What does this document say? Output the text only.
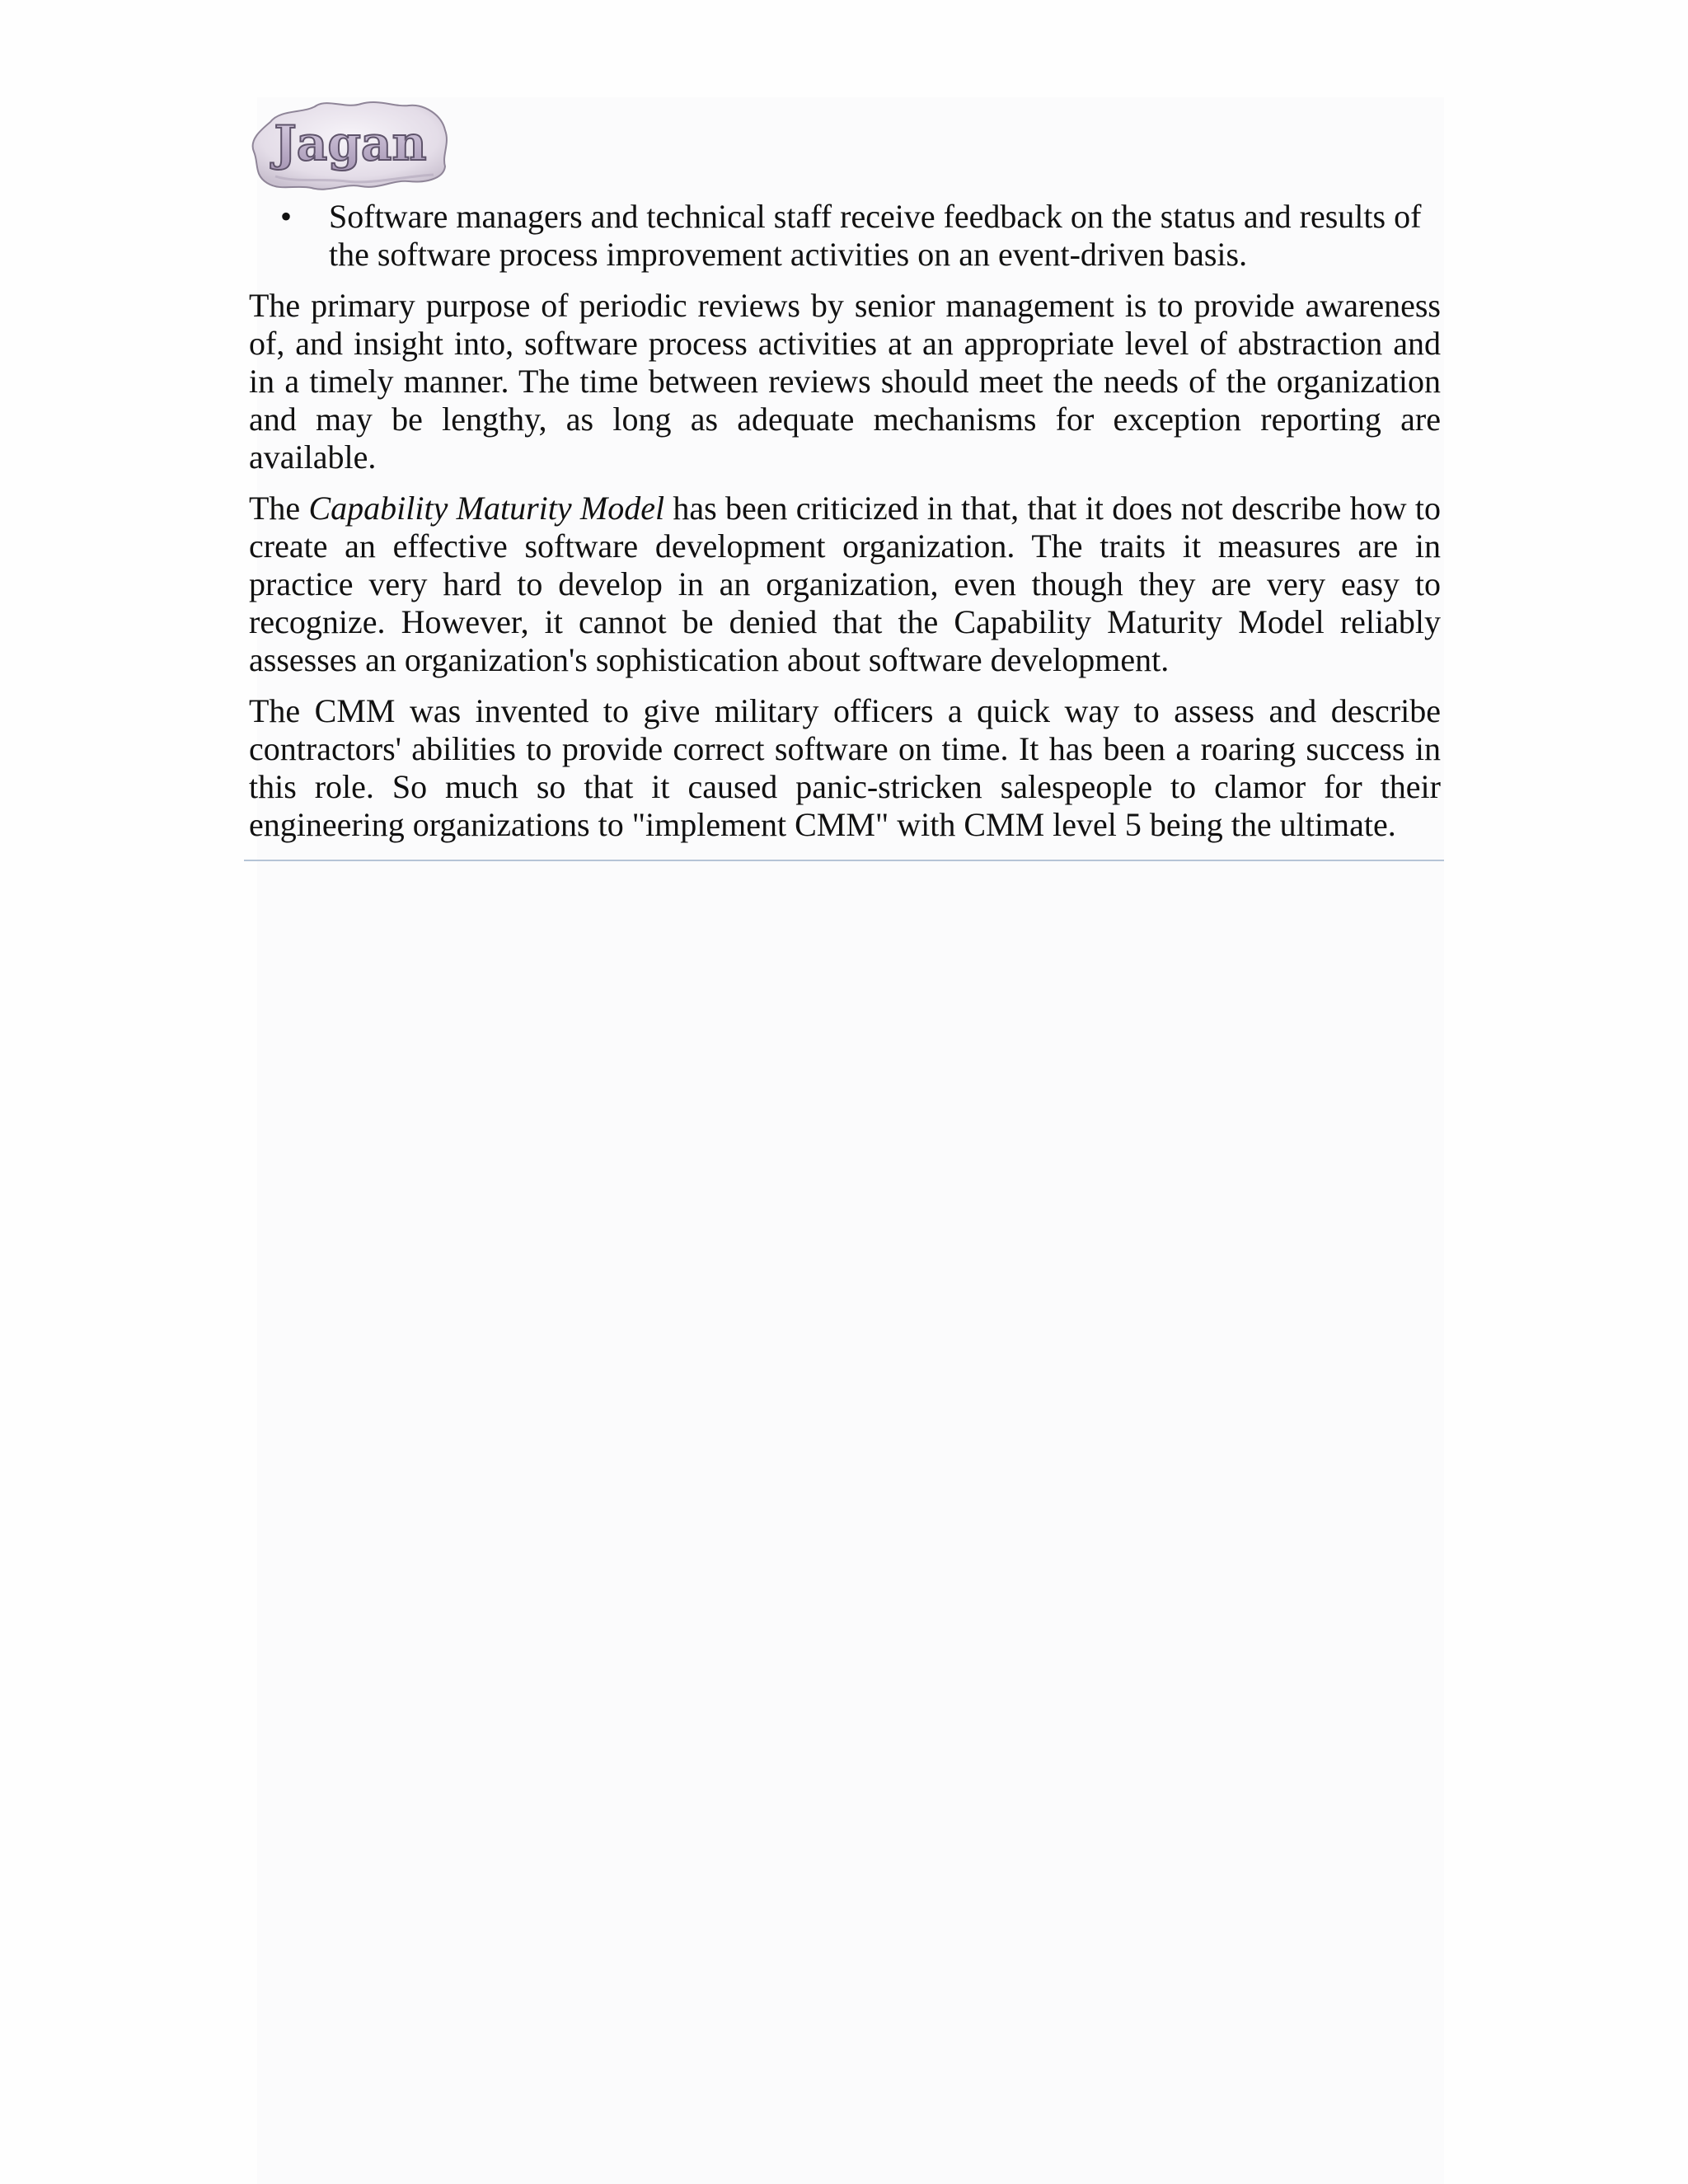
Jagan
• Software managers and technical staff receive feedback on the status and results of the software process improvement activities on an event-driven basis.

The primary purpose of periodic reviews by senior management is to provide awareness of, and insight into, software process activities at an appropriate level of abstraction and in a timely manner. The time between reviews should meet the needs of the organization and may be lengthy, as long as adequate mechanisms for exception reporting are available.

The Capability Maturity Model has been criticized in that, that it does not describe how to create an effective software development organization. The traits it measures are in practice very hard to develop in an organization, even though they are very easy to recognize. However, it cannot be denied that the Capability Maturity Model reliably assesses an organization's sophistication about software development.

The CMM was invented to give military officers a quick way to assess and describe contractors' abilities to provide correct software on time. It has been a roaring success in this role. So much so that it caused panic-stricken salespeople to clamor for their engineering organizations to "implement CMM" with CMM level 5 being the ultimate.
